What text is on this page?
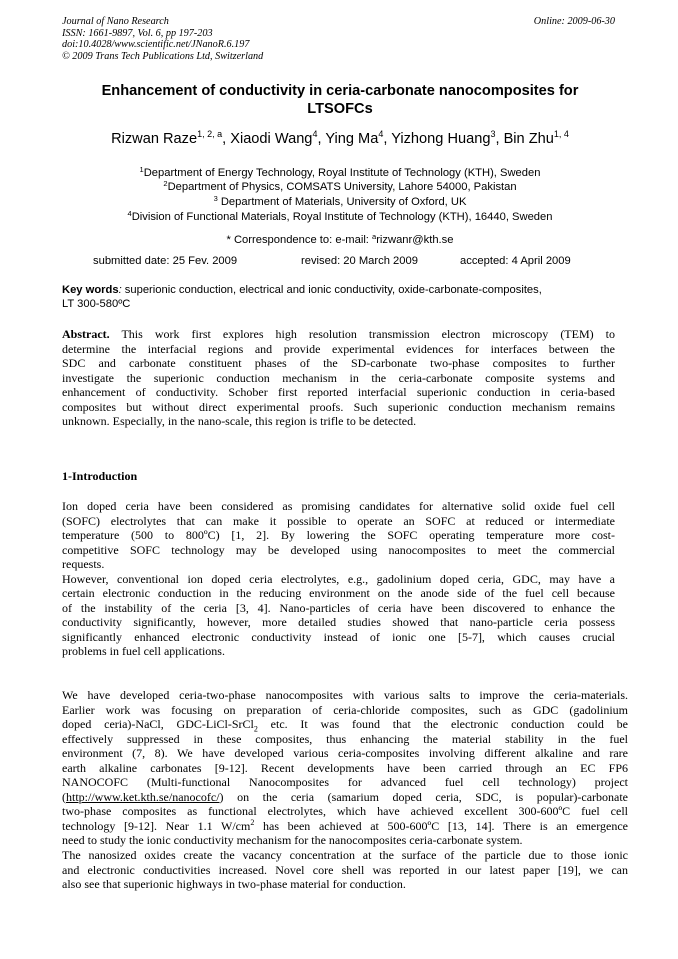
Journal of Nano Research
ISSN: 1661-9897, Vol. 6, pp 197-203
doi:10.4028/www.scientific.net/JNanoR.6.197
© 2009 Trans Tech Publications Ltd, Switzerland
Online: 2009-06-30
Enhancement of conductivity in ceria-carbonate nanocomposites for
LTSOFCs
Rizwan Raze$^{1, 2, a}$, Xiaodi Wang$^4$, Ying Ma$^4$, Yizhong Huang$^3$, Bin Zhu$^{1, 4}$
$^1$Department of Energy Technology, Royal Institute of Technology (KTH), Sweden
$^2$Department of Physics, COMSATS University, Lahore 54000, Pakistan
$^3$ Department of Materials, University of Oxford, UK
$^4$Division of Functional Materials, Royal Institute of Technology (KTH), 16440, Sweden
* Correspondence to: e-mail: $^a$rizwanr@kth.se
submitted date: 25 Fev. 2009	revised: 20 March 2009	accepted: 4 April 2009
Key words: superionic conduction, electrical and ionic conductivity, oxide-carbonate-composites,
LT 300-580ºC
Abstract. This work first explores high resolution transmission electron microscopy (TEM) to
determine the interfacial regions and provide experimental evidences for interfaces between the
SDC and carbonate constituent phases of the SD-carbonate two-phase composites to further
investigate the superionic conduction mechanism in the ceria-carbonate composite systems and
enhancement of conductivity. Schober first reported interfacial superionic conduction in ceria-based
composites but without direct experimental proofs. Such superionic conduction mechanism remains
unknown. Especially, in the nano-scale, this region is trifle to be detected.
1-Introduction
Ion doped ceria have been considered as promising candidates for alternative solid oxide fuel cell
(SOFC) electrolytes that can make it possible to operate an SOFC at reduced or intermediate
temperature (500 to 800ºC) [1, 2]. By lowering the SOFC operating temperature more cost-
competitive SOFC technology may be developed using nanocomposites to meet the commercial
requests.
However, conventional ion doped ceria electrolytes, e.g., gadolinium doped ceria, GDC, may have a
certain electronic conduction in the reducing environment on the anode side of the fuel cell because
of the instability of the ceria [3, 4]. Nano-particles of ceria have been discovered to enhance the
conductivity significantly, however, more detailed studies showed that nano-particle ceria possess
significantly enhanced electronic conductivity instead of ionic one [5-7], which causes crucial
problems in fuel cell applications.
We have developed ceria-two-phase nanocomposites with various salts to improve the ceria-materials.
Earlier work was focusing on preparation of ceria-chloride composites, such as GDC (gadolinium
doped ceria)-NaCl, GDC-LiCl-SrCl$_2$ etc. It was found that the electronic conduction could be
effectively suppressed in these composites, thus enhancing the material stability in the fuel
environment (7, 8). We have developed various ceria-composites involving different alkaline and rare
earth alkaline carbonates [9-12]. Recent developments have been carried through an EC FP6
NANOCOFC (Multi-functional Nanocomposites for advanced fuel cell technology) project
(http://www.ket.kth.se/nanocofc/) on the ceria (samarium doped ceria, SDC, is popular)-carbonate
two-phase composites as functional electrolytes, which have achieved excellent 300-600ºC fuel cell
technology [9-12]. Near 1.1 $W/cm^2$ has been achieved at 500-600ºC [13, 14]. There is an emergence
need to study the ionic conductivity mechanism for the nanocomposites ceria-carbonate system.
The nanosized oxides create the vacancy concentration at the surface of the particle due to those ionic
and electronic conductivities increased. Novel core shell was reported in our latest paper [19], we can
also see that superionic highways in two-phase material for conduction.
